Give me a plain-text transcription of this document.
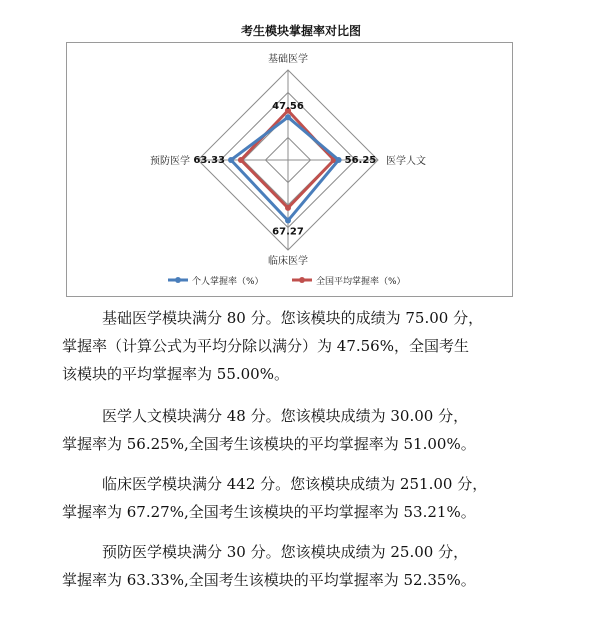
考生模块掌握率对比图
基础医学
医学人文
临床医学
预防医学
47.56
56.25
67.27
63.33
个人掌握率（%）	全国平均掌握率（%）

基础医学模块满分 80 分。您该模块的成绩为 75.00 分，

掌握率（计算公式为平均分除以满分）为 47.56%，全国考生

该模块的平均掌握率为 55.00%。

医学人文模块满分 48 分。您该模块成绩为 30.00 分，

掌握率为 56.25%,全国考生该模块的平均掌握率为 51.00%。

临床医学模块满分 442 分。您该模块成绩为 251.00 分，

掌握率为 67.27%,全国考生该模块的平均掌握率为 53.21%。

预防医学模块满分 30 分。您该模块成绩为 25.00 分，

掌握率为 63.33%,全国考生该模块的平均掌握率为 52.35%。
